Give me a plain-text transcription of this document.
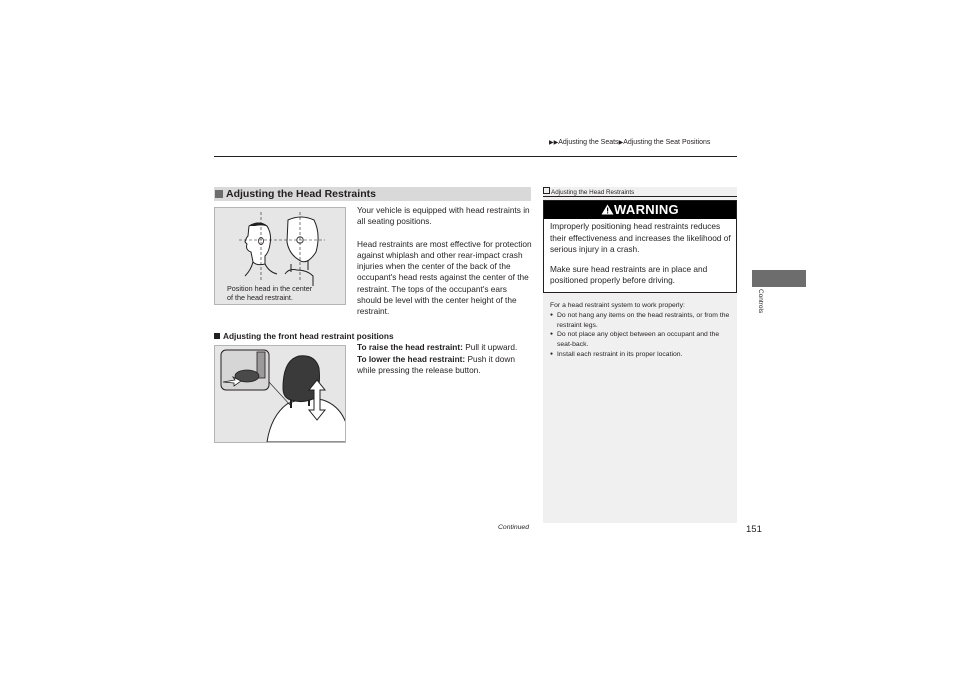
▶▶Adjusting the Seats▶Adjusting the Seat Positions
Adjusting the Head Restraints
Position head in the center
of the head restraint.

Your vehicle is equipped with head restraints in all seating positions.

Head restraints are most effective for protection against whiplash and other rear-impact crash injuries when the center of the back of the occupant's head rests against the center of the restraint. The tops of the occupant's ears should be level with the center height of the restraint.

Adjusting the front head restraint positions
To raise the head restraint: Pull it upward.
To lower the head restraint: Push it down while pressing the release button.
Adjusting the Head Restraints
WARNING

Improperly positioning head restraints reduces their effectiveness and increases the likelihood of serious injury in a crash.

Make sure head restraints are in place and positioned properly before driving.

For a head restraint system to work properly:
● Do not hang any items on the head restraints, or from the restraint legs.
● Do not place any object between an occupant and the seat-back.
● Install each restraint in its proper location.
Continued	151
Controls
